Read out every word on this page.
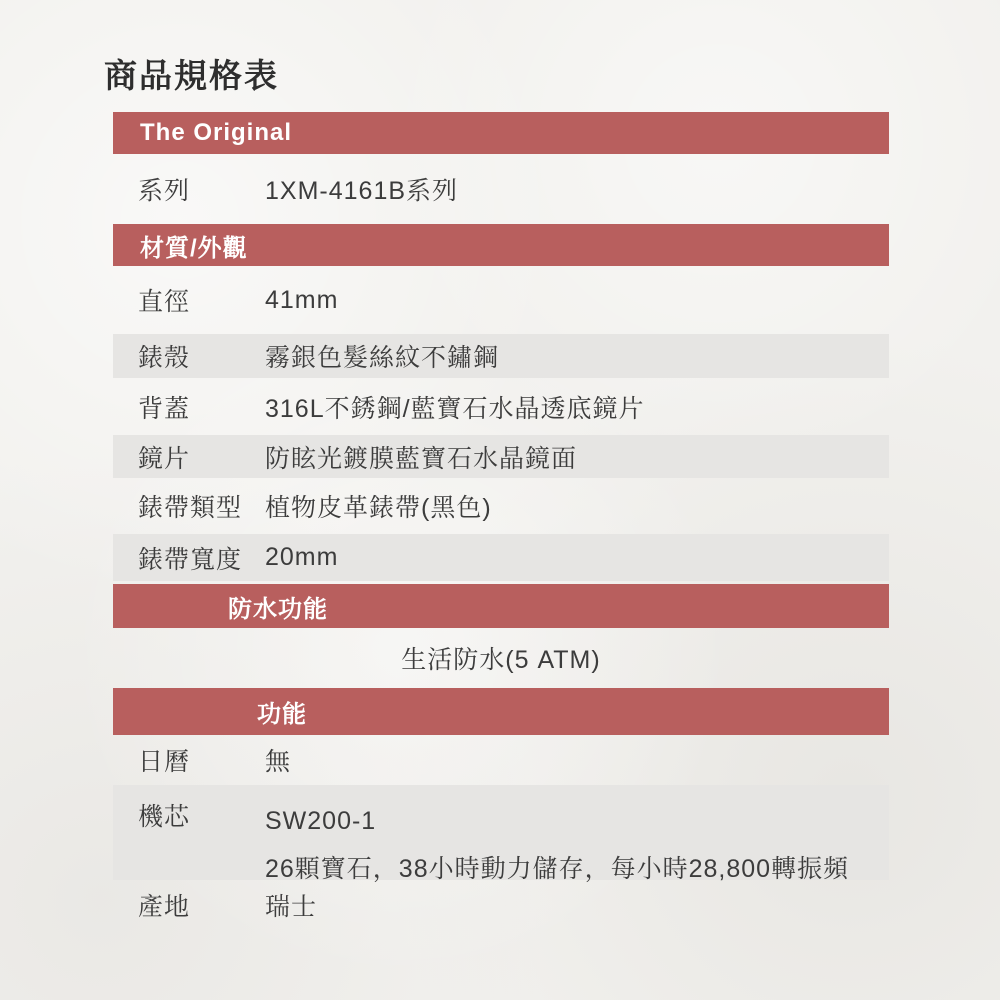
商品規格表
The Original
系列	1XM-4161B系列
材質/外觀
直徑	41mm
錶殼	霧銀色髮絲紋不鏽鋼
背蓋	316L不銹鋼/藍寶石水晶透底鏡片
鏡片	防眩光鍍膜藍寶石水晶鏡面
錶帶類型 植物皮革錶帶(黑色)
錶帶寬度 20mm
防水功能
生活防水(5 ATM)
功能
日曆	無
機芯	SW200-1
26顆寶石，38小時動力儲存，每小時28,800轉振頻
產地	瑞士
